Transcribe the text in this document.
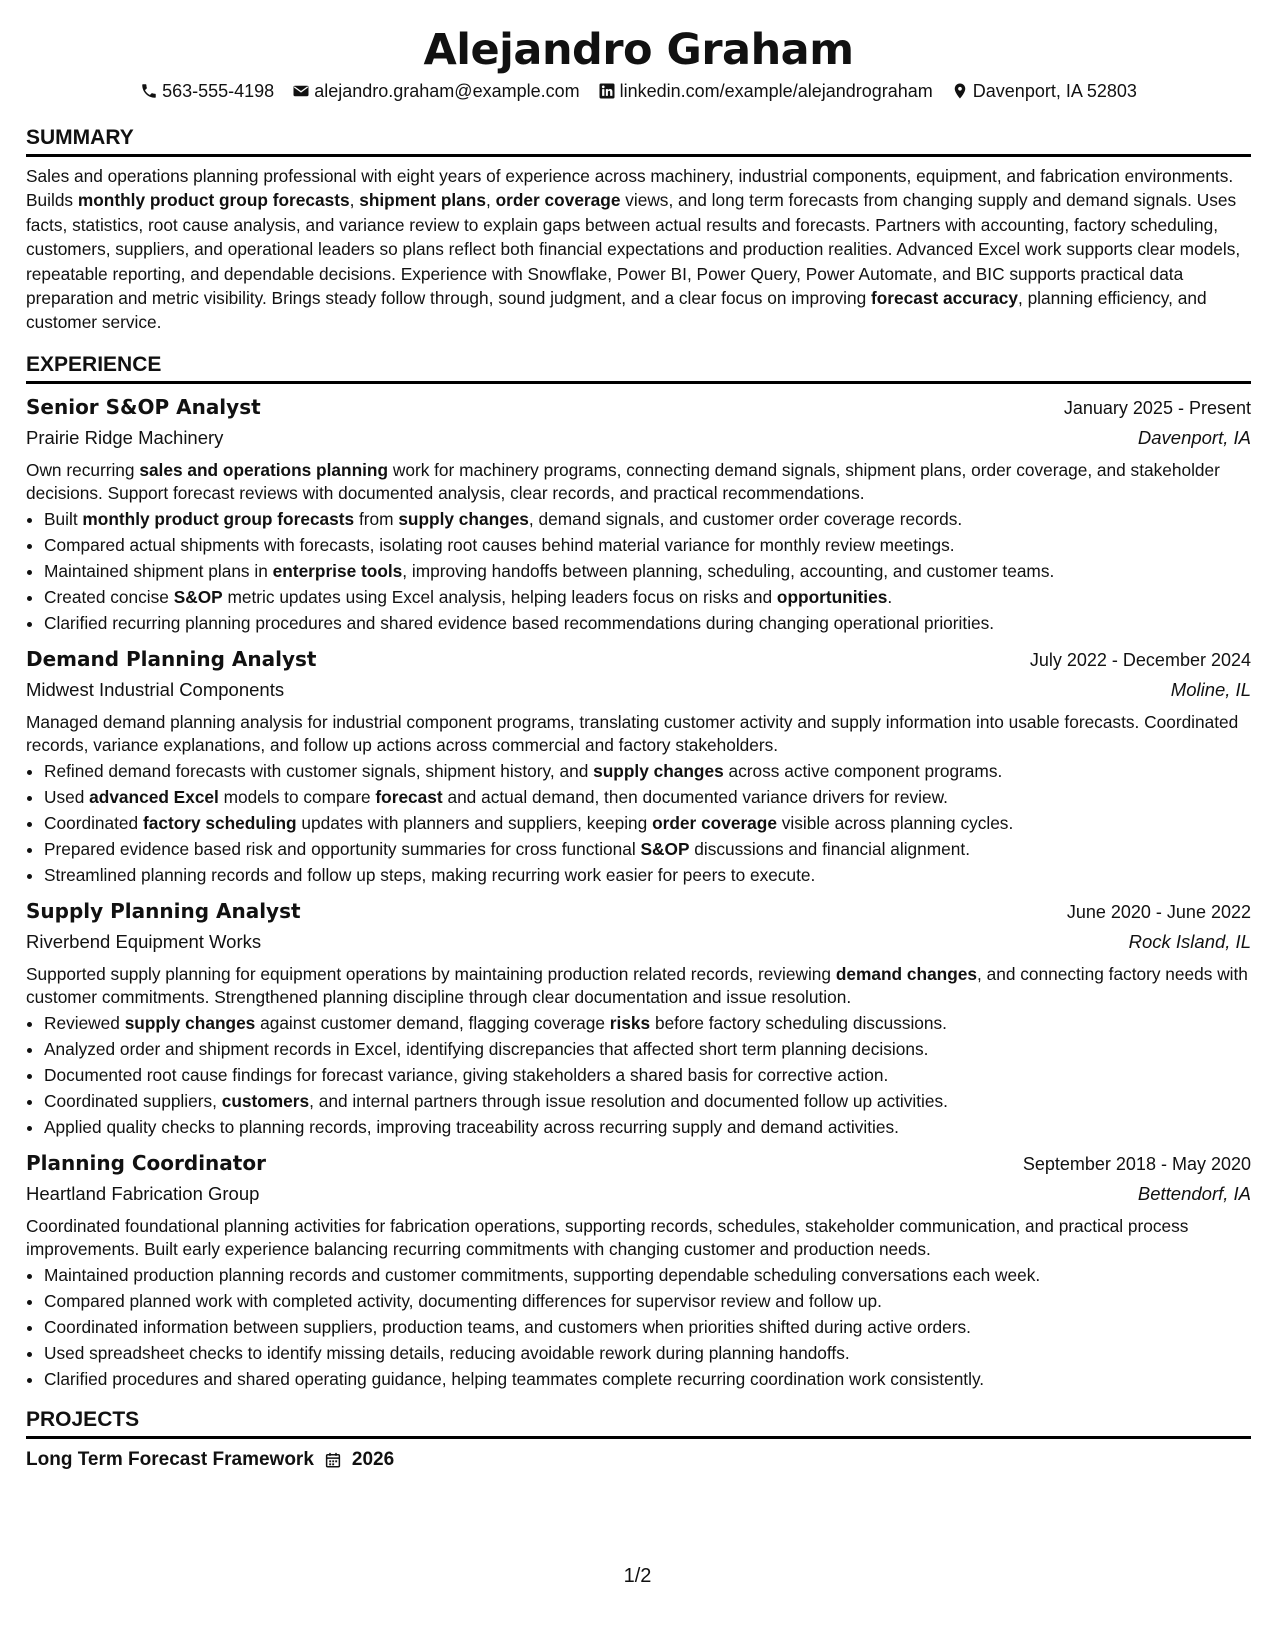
Alejandro Graham
563-555-4198 alejandro.graham@example.com linkedin.com/example/alejandrograham Davenport, IA 52803
SUMMARY
Sales and operations planning professional with eight years of experience across machinery, industrial components, equipment, and fabrication environments. Builds monthly product group forecasts, shipment plans, order coverage views, and long term forecasts from changing supply and demand signals. Uses facts, statistics, root cause analysis, and variance review to explain gaps between actual results and forecasts. Partners with accounting, factory scheduling, customers, suppliers, and operational leaders so plans reflect both financial expectations and production realities. Advanced Excel work supports clear models, repeatable reporting, and dependable decisions. Experience with Snowflake, Power BI, Power Query, Power Automate, and BIC supports practical data preparation and metric visibility. Brings steady follow through, sound judgment, and a clear focus on improving forecast accuracy, planning efficiency, and customer service.
EXPERIENCE
Senior S&OP Analyst	January 2025 - Present
Prairie Ridge Machinery	Davenport, IA
Own recurring sales and operations planning work for machinery programs, connecting demand signals, shipment plans, order coverage, and stakeholder decisions. Support forecast reviews with documented analysis, clear records, and practical recommendations.
• Built monthly product group forecasts from supply changes, demand signals, and customer order coverage records.
• Compared actual shipments with forecasts, isolating root causes behind material variance for monthly review meetings.
• Maintained shipment plans in enterprise tools, improving handoffs between planning, scheduling, accounting, and customer teams.
• Created concise S&OP metric updates using Excel analysis, helping leaders focus on risks and opportunities.
• Clarified recurring planning procedures and shared evidence based recommendations during changing operational priorities.
Demand Planning Analyst	July 2022 - December 2024
Midwest Industrial Components	Moline, IL
Managed demand planning analysis for industrial component programs, translating customer activity and supply information into usable forecasts. Coordinated records, variance explanations, and follow up actions across commercial and factory stakeholders.
• Refined demand forecasts with customer signals, shipment history, and supply changes across active component programs.
• Used advanced Excel models to compare forecast and actual demand, then documented variance drivers for review.
• Coordinated factory scheduling updates with planners and suppliers, keeping order coverage visible across planning cycles.
• Prepared evidence based risk and opportunity summaries for cross functional S&OP discussions and financial alignment.
• Streamlined planning records and follow up steps, making recurring work easier for peers to execute.
Supply Planning Analyst	June 2020 - June 2022
Riverbend Equipment Works	Rock Island, IL
Supported supply planning for equipment operations by maintaining production related records, reviewing demand changes, and connecting factory needs with customer commitments. Strengthened planning discipline through clear documentation and issue resolution.
• Reviewed supply changes against customer demand, flagging coverage risks before factory scheduling discussions.
• Analyzed order and shipment records in Excel, identifying discrepancies that affected short term planning decisions.
• Documented root cause findings for forecast variance, giving stakeholders a shared basis for corrective action.
• Coordinated suppliers, customers, and internal partners through issue resolution and documented follow up activities.
• Applied quality checks to planning records, improving traceability across recurring supply and demand activities.
Planning Coordinator	September 2018 - May 2020
Heartland Fabrication Group	Bettendorf, IA
Coordinated foundational planning activities for fabrication operations, supporting records, schedules, stakeholder communication, and practical process improvements. Built early experience balancing recurring commitments with changing customer and production needs.
• Maintained production planning records and customer commitments, supporting dependable scheduling conversations each week.
• Compared planned work with completed activity, documenting differences for supervisor review and follow up.
• Coordinated information between suppliers, production teams, and customers when priorities shifted during active orders.
• Used spreadsheet checks to identify missing details, reducing avoidable rework during planning handoffs.
• Clarified procedures and shared operating guidance, helping teammates complete recurring coordination work consistently.
PROJECTS
Long Term Forecast Framework 2026
1/2
